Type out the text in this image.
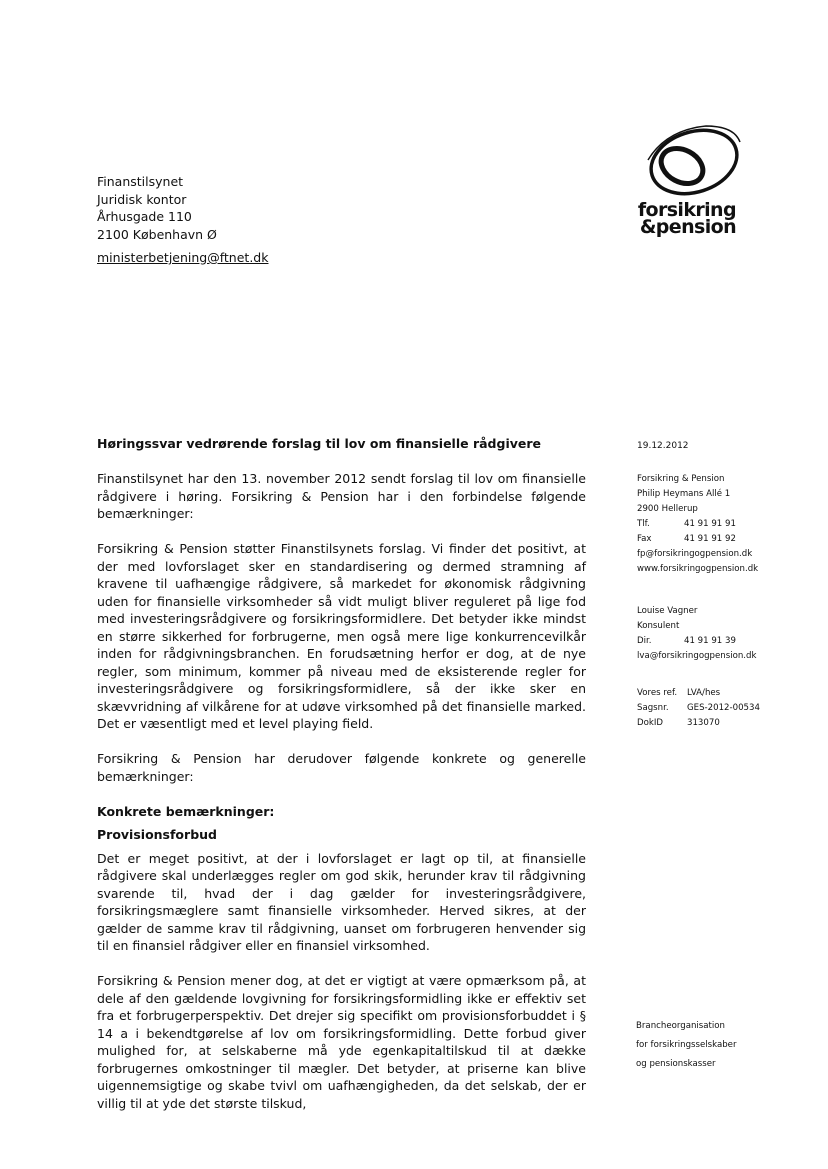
Finanstilsynet
Juridisk kontor
Århusgade 110
2100 København Ø
ministerbetjening@ftnet.dk
forsikring
&pension
Høringssvar vedrørende forslag til lov om finansielle rådgivere	19.12.2012
Forsikring & Pension
Philip Heymans Allé 1
2900 Hellerup
Tlf.	41 91 91 91
Fax	41 91 91 92
fp@forsikringogpension.dk
www.forsikringogpension.dk
Louise Vagner
Konsulent
Dir.	41 91 91 39
lva@forsikringogpension.dk
Vores ref. LVA/hes
Sagsnr. GES-2012-00534
DokID	313070

Finanstilsynet har den 13. november 2012 sendt forslag til lov om finansielle rådgivere i høring. Forsikring & Pension har i den forbindelse følgende bemærkninger:

Forsikring & Pension støtter Finanstilsynets forslag. Vi finder det positivt, at der med lovforslaget sker en standardisering og dermed stramning af kravene til uafhængige rådgivere, så markedet for økonomisk rådgivning uden for finansielle virksomheder så vidt muligt bliver reguleret på lige fod med investeringsrådgivere og forsikringsformidlere. Det betyder ikke mindst en større sikkerhed for forbrugerne, men også mere lige konkurrencevilkår inden for rådgivningsbranchen. En forudsætning herfor er dog, at de nye regler, som minimum, kommer på niveau med de eksisterende regler for investeringsrådgivere og forsikringsformidlere, så der ikke sker en skævvridning af vilkårene for at udøve virksomhed på det finansielle marked. Det er væsentligt med et level playing field.

Forsikring & Pension har derudover følgende konkrete og generelle bemærkninger:

Konkrete bemærkninger:
Provisionsforbud

Det er meget positivt, at der i lovforslaget er lagt op til, at finansielle rådgivere skal underlægges regler om god skik, herunder krav til rådgivning svarende til, hvad der i dag gælder for investeringsrådgivere, forsikringsmæglere samt finansielle virksomheder. Herved sikres, at der gælder de samme krav til rådgivning, uanset om forbrugeren henvender sig til en finansiel rådgiver eller en finansiel virksomhed.

Forsikring & Pension mener dog, at det er vigtigt at være opmærksom på, at dele af den gældende lovgivning for forsikringsformidling ikke er effektiv set fra et forbrugerperspektiv. Det drejer sig specifikt om provisionsforbuddet i § 14 a i bekendtgørelse af lov om forsikringsformidling. Dette forbud giver mulighed for, at selskaberne må yde egenkapitaltilskud til at dække forbrugernes omkostninger til mægler. Det betyder, at priserne kan blive uigennemsigtige og skabe tvivl om uafhængigheden, da det selskab, der er villig til at yde det største tilskud,

Brancheorganisation
for forsikringsselskaber
og pensionskasser
